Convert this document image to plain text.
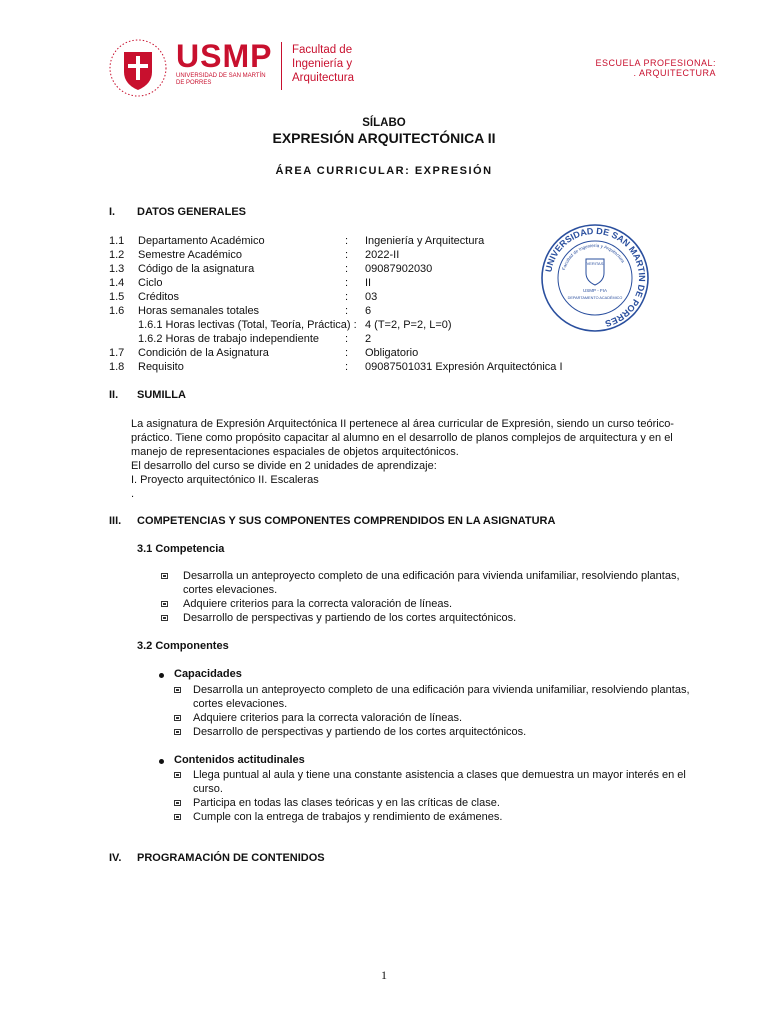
USMP
UNIVERSIDAD DE SAN MARTÍN DE PORRES
Facultad de
Ingeniería y
Arquitectura
ESCUELA PROFESIONAL:
. ARQUITECTURA
SÍLABO
EXPRESIÓN ARQUITECTÓNICA II
ÁREA CURRICULAR: EXPRESIÓN
I. DATOS GENERALES
1.1 Departamento Académico	: Ingeniería y Arquitectura
1.2 Semestre Académico	: 2022-II
1.3 Código de la asignatura	: 09087902030
1.4 Ciclo	: II
1.5 Créditos	: 03
1.6 Horas semanales totales	: 6
1.6.1 Horas lectivas (Total, Teoría, Práctica) : 4 (T=2, P=2, L=0)
1.6.2 Horas de trabajo independiente : 2
1.7 Condición de la Asignatura	: Obligatorio
1.8 Requisito	: 09087501031 Expresión Arquitectónica I
UNIVERSIDAD DE SAN MARTIN DE PORRES
Facultad de Ingeniería y Arquitectura
VERITAS
USMP - FIA
DEPARTAMENTO ACADÉMICO
II. SUMILLA
La asignatura de Expresión Arquitectónica II pertenece al área curricular de Expresión, siendo un curso teórico-
práctico. Tiene como propósito capacitar al alumno en el desarrollo de planos complejos de arquitectura y en el
manejo de representaciones espaciales de objetos arquitectónicos.
El desarrollo del curso se divide en 2 unidades de aprendizaje:
I. Proyecto arquitectónico II. Escaleras
.
III. COMPETENCIAS Y SUS COMPONENTES COMPRENDIDOS EN LA ASIGNATURA
3.1 Competencia
Desarrolla un anteproyecto completo de una edificación para vivienda unifamiliar, resolviendo plantas,
cortes elevaciones.
Adquiere criterios para la correcta valoración de líneas.
Desarrollo de perspectivas y partiendo de los cortes arquitectónicos.
3.2 Componentes
Capacidades
Desarrolla un anteproyecto completo de una edificación para vivienda unifamiliar, resolviendo plantas,
cortes elevaciones.
Adquiere criterios para la correcta valoración de líneas.
Desarrollo de perspectivas y partiendo de los cortes arquitectónicos.
Contenidos actitudinales
Llega puntual al aula y tiene una constante asistencia a clases que demuestra un mayor interés en el
curso.
Participa en todas las clases teóricas y en las críticas de clase.
Cumple con la entrega de trabajos y rendimiento de exámenes.
IV. PROGRAMACIÓN DE CONTENIDOS
1
